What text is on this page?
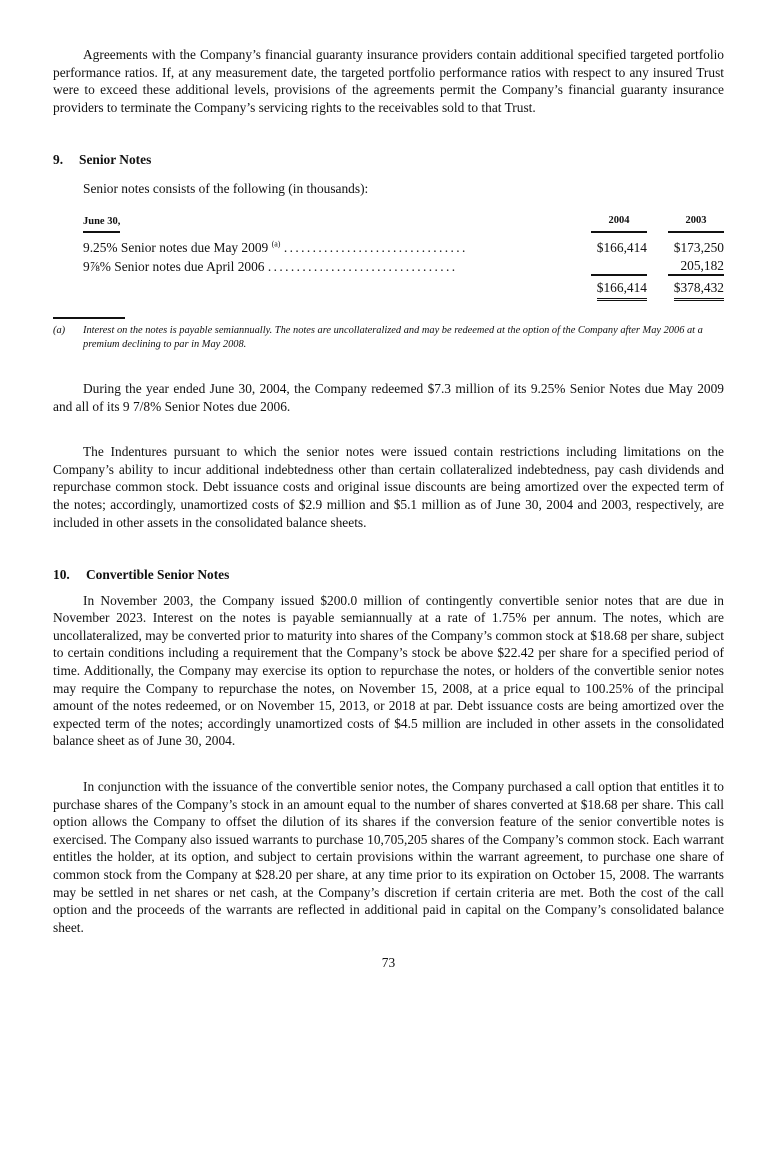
Agreements with the Company’s financial guaranty insurance providers contain additional specified targeted portfolio performance ratios. If, at any measurement date, the targeted portfolio performance ratios with respect to any insured Trust were to exceed these additional levels, provisions of the agreements permit the Company’s financial guaranty insurance providers to terminate the Company’s servicing rights to the receivables sold to that Trust.

9. Senior Notes
Senior notes consists of the following (in thousands):
June 30,	2004		2003

9.25% Senior notes due May 2009 $^{(a)}$ ................................	$166,414		$173,250
9⅞% Senior notes due April 2006 .................................			205,182
	$166,414		$378,432
(a)	Interest on the notes is payable semiannually. The notes are uncollateralized and may be redeemed at the option of the Company after May 2006 at a premium declining to par in May 2008.

During the year ended June 30, 2004, the Company redeemed $7.3 million of its 9.25% Senior Notes due May 2009 and all of its 9 7/8% Senior Notes due 2006.

The Indentures pursuant to which the senior notes were issued contain restrictions including limitations on the Company’s ability to incur additional indebtedness other than certain collateralized indebtedness, pay cash dividends and repurchase common stock. Debt issuance costs and original issue discounts are being amortized over the expected term of the notes; accordingly, unamortized costs of $2.9 million and $5.1 million as of June 30, 2004 and 2003, respectively, are included in other assets in the consolidated balance sheets.

10. Convertible Senior Notes

In November 2003, the Company issued $200.0 million of contingently convertible senior notes that are due in November 2023. Interest on the notes is payable semiannually at a rate of 1.75% per annum. The notes, which are uncollateralized, may be converted prior to maturity into shares of the Company’s common stock at $18.68 per share, subject to certain conditions including a requirement that the Company’s stock be above $22.42 per share for a specified period of time. Additionally, the Company may exercise its option to repurchase the notes, or holders of the convertible senior notes may require the Company to repurchase the notes, on November 15, 2008, at a price equal to 100.25% of the principal amount of the notes redeemed, or on November 15, 2013, or 2018 at par. Debt issuance costs are being amortized over the expected term of the notes; accordingly unamortized costs of $4.5 million are included in other assets in the consolidated balance sheet as of June 30, 2004.

In conjunction with the issuance of the convertible senior notes, the Company purchased a call option that entitles it to purchase shares of the Company’s stock in an amount equal to the number of shares converted at $18.68 per share. This call option allows the Company to offset the dilution of its shares if the conversion feature of the senior convertible notes is exercised. The Company also issued warrants to purchase 10,705,205 shares of the Company’s common stock. Each warrant entitles the holder, at its option, and subject to certain provisions within the warrant agreement, to purchase one share of common stock from the Company at $28.20 per share, at any time prior to its expiration on October 15, 2008. The warrants may be settled in net shares or net cash, at the Company’s discretion if certain criteria are met. Both the cost of the call option and the proceeds of the warrants are reflected in additional paid in capital on the Company’s consolidated balance sheet.

73
